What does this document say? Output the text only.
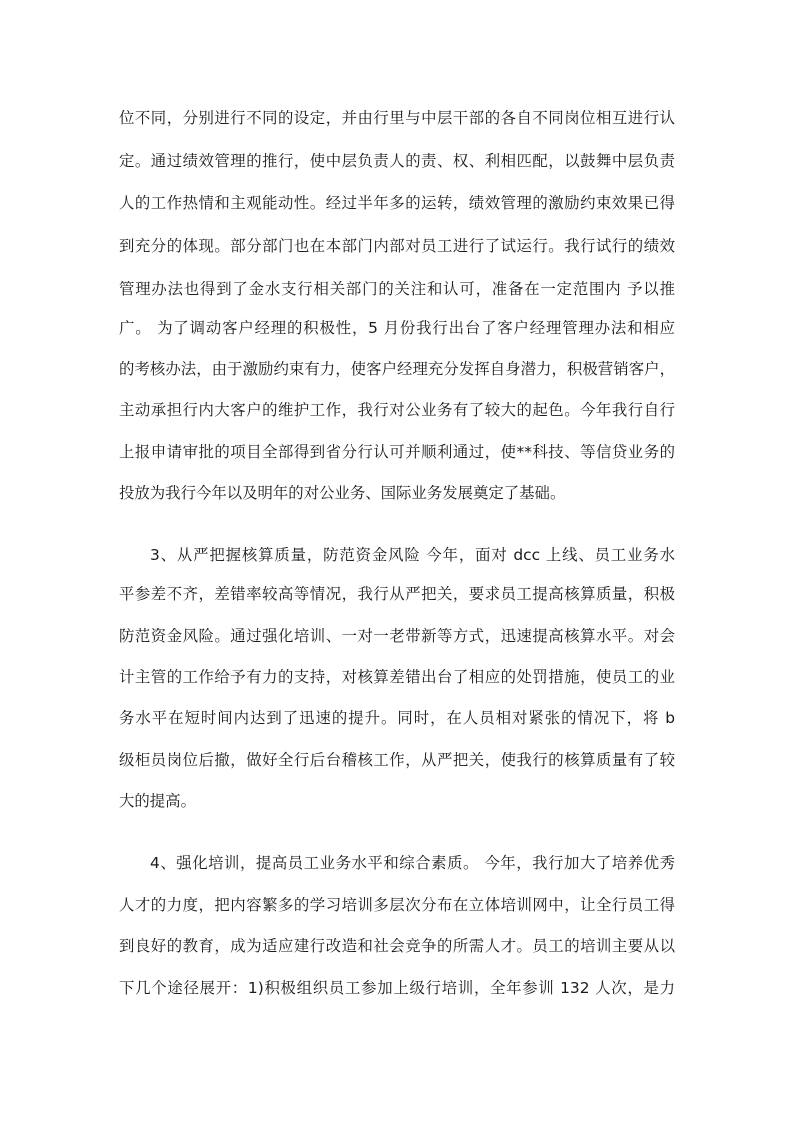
位不同，分别进行不同的设定，并由行里与中层干部的各自不同岗位相互进行认
定。通过绩效管理的推行，使中层负责人的责、权、利相匹配，以鼓舞中层负责
人的工作热情和主观能动性。经过半年多的运转，绩效管理的激励约束效果已得
到充分的体现。部分部门也在本部门内部对员工进行了试运行。我行试行的绩效
管理办法也得到了金水支行相关部门的关注和认可，准备在一定范围内 予以推
广。 为了调动客户经理的积极性，5 月份我行出台了客户经理管理办法和相应
的考核办法，由于激励约束有力，使客户经理充分发挥自身潜力，积极营销客户，
主动承担行内大客户的维护工作，我行对公业务有了较大的起色。今年我行自行
上报申请审批的项目全部得到省分行认可并顺利通过，使**科技、等信贷业务的
投放为我行今年以及明年的对公业务、国际业务发展奠定了基础。
3、从严把握核算质量，防范资金风险 今年，面对 dcc 上线、员工业务水
平参差不齐，差错率较高等情况，我行从严把关，要求员工提高核算质量，积极
防范资金风险。通过强化培训、一对一老带新等方式，迅速提高核算水平。对会
计主管的工作给予有力的支持，对核算差错出台了相应的处罚措施，使员工的业
务水平在短时间内达到了迅速的提升。同时，在人员相对紧张的情况下，将 b
级柜员岗位后撤，做好全行后台稽核工作，从严把关，使我行的核算质量有了较
大的提高。
4、强化培训，提高员工业务水平和综合素质。 今年，我行加大了培养优秀
人才的力度，把内容繁多的学习培训多层次分布在立体培训网中，让全行员工得
到良好的教育，成为适应建行改造和社会竞争的所需人才。员工的培训主要从以
下几个途径展开：1)积极组织员工参加上级行培训，全年参训 132 人次，是力
